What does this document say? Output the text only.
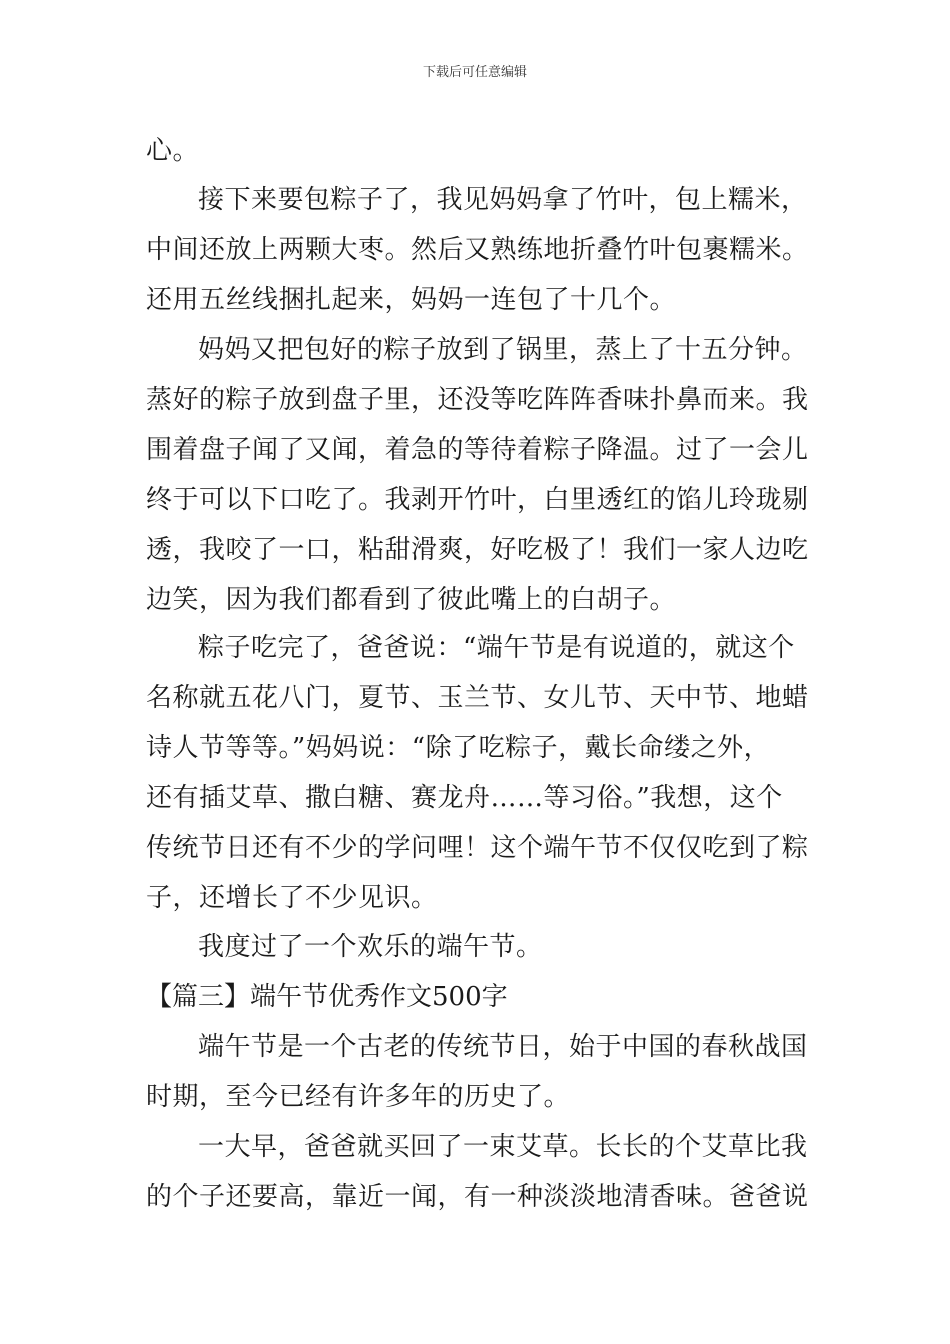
下载后可任意编辑
心。
接下来要包粽子了，我见妈妈拿了竹叶，包上糯米，
中间还放上两颗大枣。然后又熟练地折叠竹叶包裹糯米。
还用五丝线捆扎起来，妈妈一连包了十几个。
妈妈又把包好的粽子放到了锅里，蒸上了十五分钟。
蒸好的粽子放到盘子里，还没等吃阵阵香味扑鼻而来。我
围着盘子闻了又闻，着急的等待着粽子降温。过了一会儿
终于可以下口吃了。我剥开竹叶，白里透红的馅儿玲珑剔
透，我咬了一口，粘甜滑爽，好吃极了！我们一家人边吃
边笑，因为我们都看到了彼此嘴上的白胡子。
粽子吃完了，爸爸说：“端午节是有说道的，就这个
名称就五花八门，夏节、玉兰节、女儿节、天中节、地蜡
诗人节等等。”妈妈说：“除了吃粽子，戴长命缕之外，
还有插艾草、撒白糖、赛龙舟……等习俗。”我想，这个
传统节日还有不少的学问哩！这个端午节不仅仅吃到了粽
子，还增长了不少见识。
我度过了一个欢乐的端午节。
【篇三】端午节优秀作文500字
端午节是一个古老的传统节日，始于中国的春秋战国
时期，至今已经有许多年的历史了。
一大早，爸爸就买回了一束艾草。长长的个艾草比我
的个子还要高，靠近一闻，有一种淡淡地清香味。爸爸说
